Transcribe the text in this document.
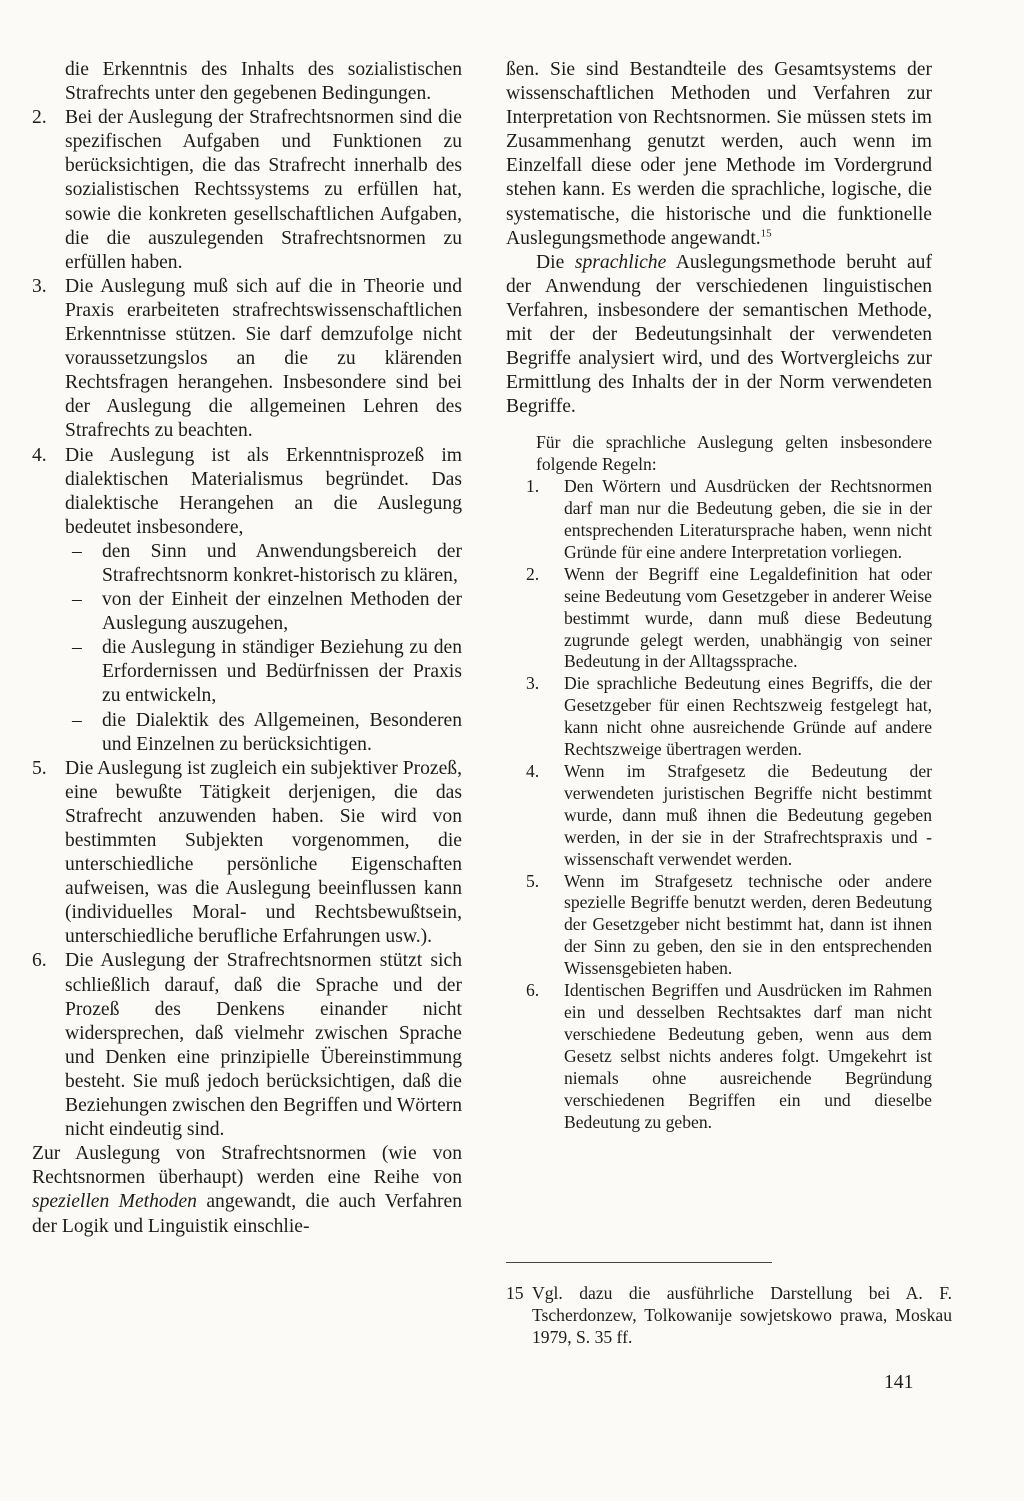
die Erkenntnis des Inhalts des sozialistischen Strafrechts unter den gegebenen Bedingungen.
2. Bei der Auslegung der Strafrechtsnormen sind die spezifischen Aufgaben und Funktionen zu berücksichtigen, die das Strafrecht innerhalb des sozialistischen Rechtssystems zu erfüllen hat, sowie die konkreten gesellschaftlichen Aufgaben, die die auszulegenden Strafrechtsnormen zu erfüllen haben.
3. Die Auslegung muß sich auf die in Theorie und Praxis erarbeiteten strafrechtswissenschaftlichen Erkenntnisse stützen. Sie darf demzufolge nicht voraussetzungslos an die zu klärenden Rechtsfragen herangehen. Insbesondere sind bei der Auslegung die allgemeinen Lehren des Strafrechts zu beachten.
4. Die Auslegung ist als Erkenntnisprozeß im dialektischen Materialismus begründet. Das dialektische Herangehen an die Auslegung bedeutet insbesondere,
– den Sinn und Anwendungsbereich der Strafrechtsnorm konkret-historisch zu klären,
– von der Einheit der einzelnen Methoden der Auslegung auszugehen,
– die Auslegung in ständiger Beziehung zu den Erfordernissen und Bedürfnissen der Praxis zu entwickeln,
– die Dialektik des Allgemeinen, Besonderen und Einzelnen zu berücksichtigen.
5. Die Auslegung ist zugleich ein subjektiver Prozeß, eine bewußte Tätigkeit derjenigen, die das Strafrecht anzuwenden haben. Sie wird von bestimmten Subjekten vorgenommen, die unterschiedliche persönliche Eigenschaften aufweisen, was die Auslegung beeinflussen kann (individuelles Moral- und Rechtsbewußtsein, unterschiedliche berufliche Erfahrungen usw.).
6. Die Auslegung der Strafrechtsnormen stützt sich schließlich darauf, daß die Sprache und der Prozeß des Denkens einander nicht widersprechen, daß vielmehr zwischen Sprache und Denken eine prinzipielle Übereinstimmung besteht. Sie muß jedoch berücksichtigen, daß die Beziehungen zwischen den Begriffen und Wörtern nicht eindeutig sind.
Zur Auslegung von Strafrechtsnormen (wie von Rechtsnormen überhaupt) werden eine Reihe von speziellen Methoden angewandt, die auch Verfahren der Logik und Linguistik einschlie-
ßen. Sie sind Bestandteile des Gesamtsystems der wissenschaftlichen Methoden und Verfahren zur Interpretation von Rechtsnormen. Sie müssen stets im Zusammenhang genutzt werden, auch wenn im Einzelfall diese oder jene Methode im Vordergrund stehen kann. Es werden die sprachliche, logische, die systematische, die historische und die funktionelle Auslegungsmethode angewandt.$^{15}$
Die sprachliche Auslegungsmethode beruht auf der Anwendung der verschiedenen linguistischen Verfahren, insbesondere der semantischen Methode, mit der der Bedeutungsinhalt der verwendeten Begriffe analysiert wird, und des Wortvergleichs zur Ermittlung des Inhalts der in der Norm verwendeten Begriffe.
Für die sprachliche Auslegung gelten insbesondere folgende Regeln:
1. Den Wörtern und Ausdrücken der Rechtsnormen darf man nur die Bedeutung geben, die sie in der entsprechenden Literatursprache haben, wenn nicht Gründe für eine andere Interpretation vorliegen.
2. Wenn der Begriff eine Legaldefinition hat oder seine Bedeutung vom Gesetzgeber in anderer Weise bestimmt wurde, dann muß diese Bedeutung zugrunde gelegt werden, unabhängig von seiner Bedeutung in der Alltagssprache.
3. Die sprachliche Bedeutung eines Begriffs, die der Gesetzgeber für einen Rechtszweig festgelegt hat, kann nicht ohne ausreichende Gründe auf andere Rechtszweige übertragen werden.
4. Wenn im Strafgesetz die Bedeutung der verwendeten juristischen Begriffe nicht bestimmt wurde, dann muß ihnen die Bedeutung gegeben werden, in der sie in der Strafrechtspraxis und -wissenschaft verwendet werden.
5. Wenn im Strafgesetz technische oder andere spezielle Begriffe benutzt werden, deren Bedeutung der Gesetzgeber nicht bestimmt hat, dann ist ihnen der Sinn zu geben, den sie in den entsprechenden Wissensgebieten haben.
6. Identischen Begriffen und Ausdrücken im Rahmen ein und desselben Rechtsaktes darf man nicht verschiedene Bedeutung geben, wenn aus dem Gesetz selbst nichts anderes folgt. Umgekehrt ist niemals ohne ausreichende Begründung verschiedenen Begriffen ein und dieselbe Bedeutung zu geben.
15 Vgl. dazu die ausführliche Darstellung bei A. F. Tscherdonzew, Tolkowanije sowjetskowo prawa, Moskau 1979, S. 35 ff.
141
